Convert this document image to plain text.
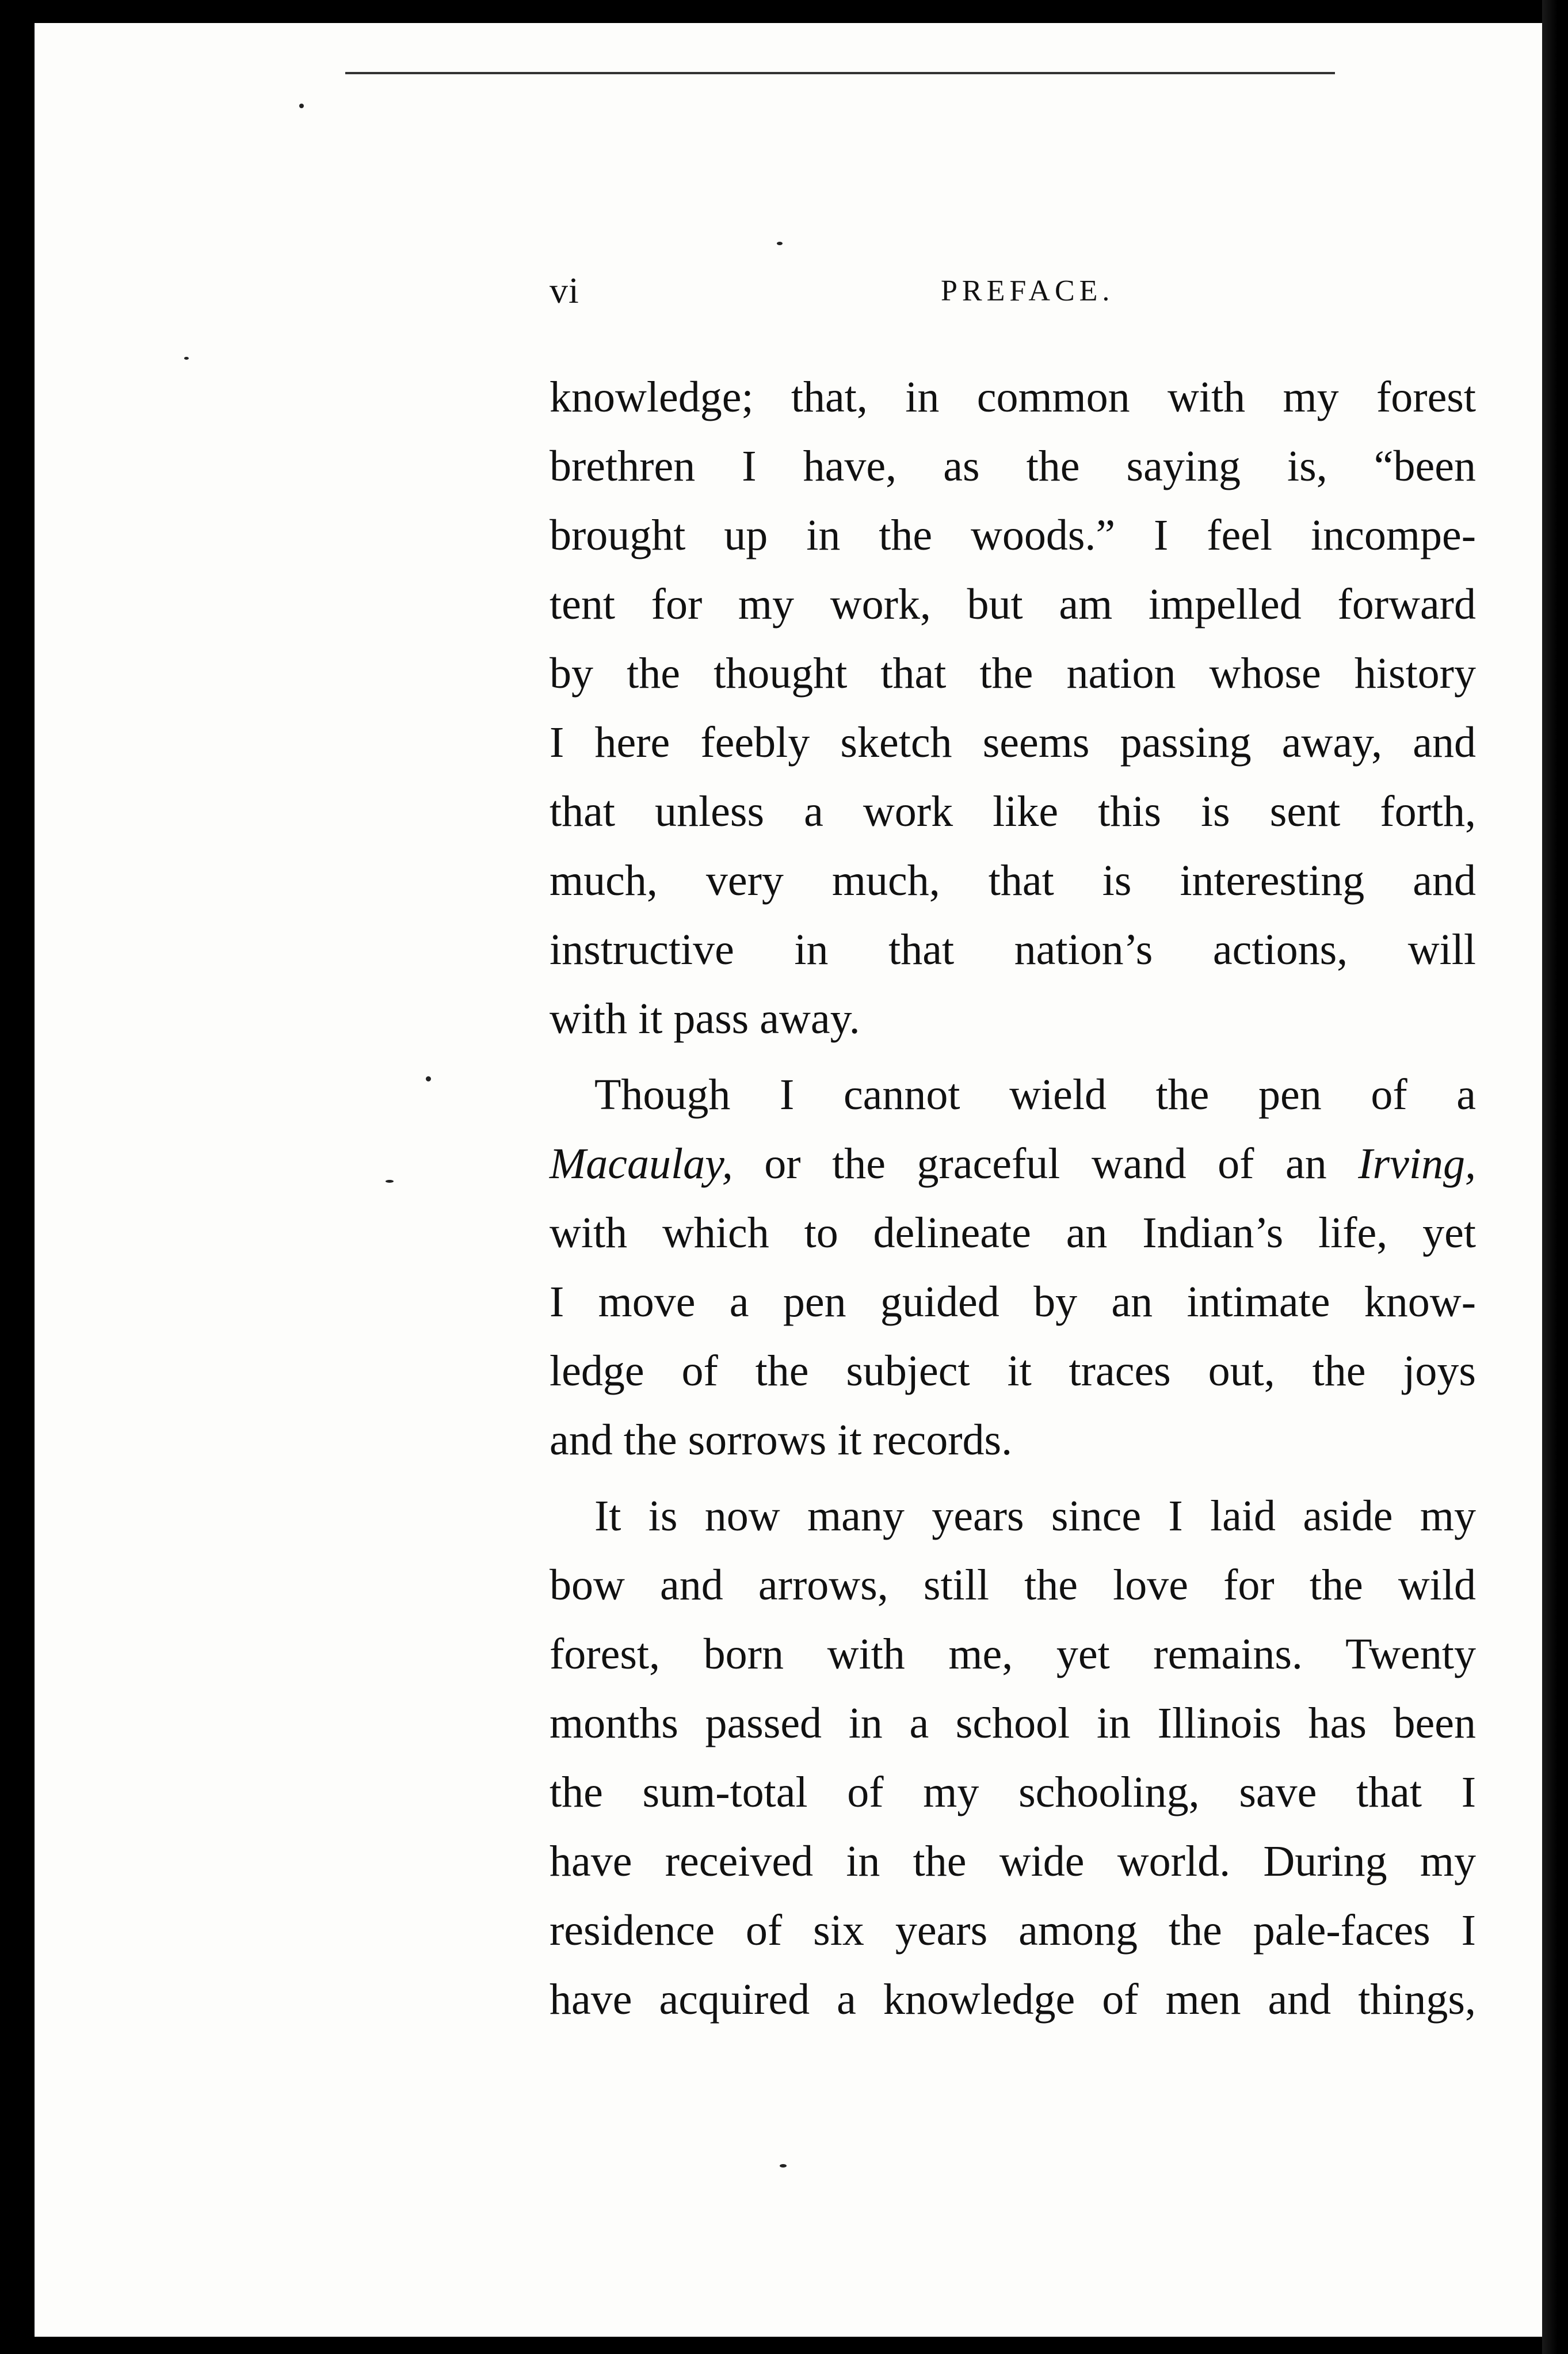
vi	PREFACE.
knowledge; that, in common with my forest
brethren I have, as the saying is, “been
brought up in the woods.” I feel incompe-
tent for my work, but am impelled forward
by the thought that the nation whose history
I here feebly sketch seems passing away, and
that unless a work like this is sent forth,
much, very much, that is interesting and
instructive in that nation’s actions, will
with it pass away.
Though I cannot wield the pen of a
Macaulay, or the graceful wand of an Irving,
with which to delineate an Indian’s life, yet
I move a pen guided by an intimate know-
ledge of the subject it traces out, the joys
and the sorrows it records.
It is now many years since I laid aside my
bow and arrows, still the love for the wild
forest, born with me, yet remains. Twenty
months passed in a school in Illinois has been
the sum-total of my schooling, save that I
have received in the wide world. During my
residence of six years among the pale-faces I
have acquired a knowledge of men and things,
